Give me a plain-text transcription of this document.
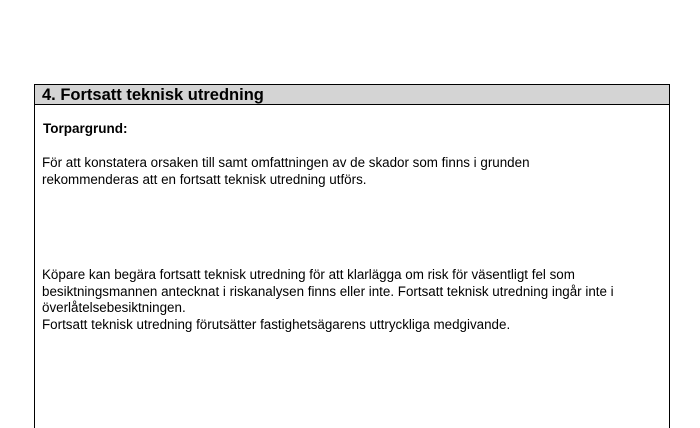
4. Fortsatt teknisk utredning
Torpargrund:
För att konstatera orsaken till samt omfattningen av de skador som finns i grunden
rekommenderas att en fortsatt teknisk utredning utförs.
Köpare kan begära fortsatt teknisk utredning för att klarlägga om risk för väsentligt fel som
besiktningsmannen antecknat i riskanalysen finns eller inte. Fortsatt teknisk utredning ingår inte i
överlåtelsebesiktningen.
Fortsatt teknisk utredning förutsätter fastighetsägarens uttryckliga medgivande.
